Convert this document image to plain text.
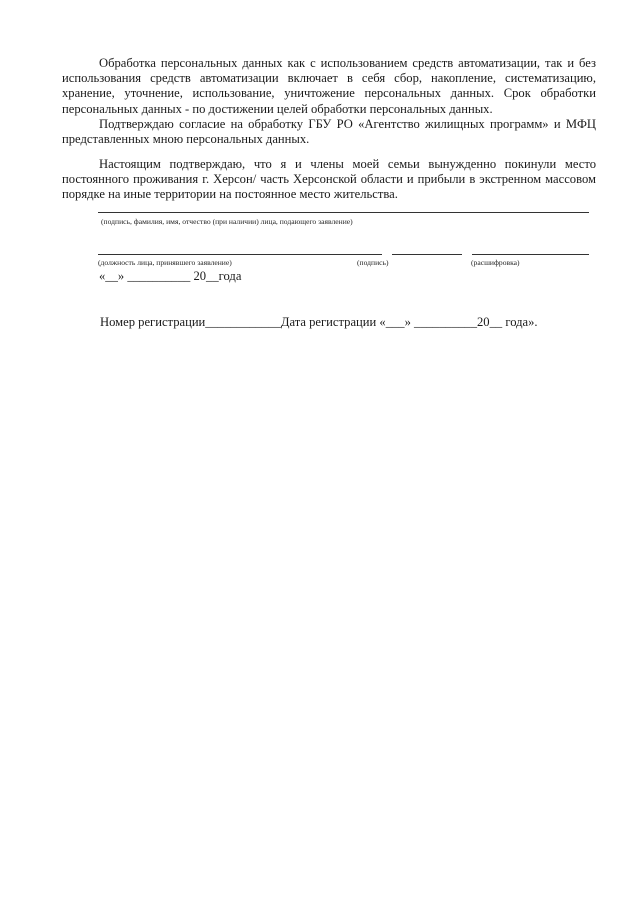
Обработка персональных данных как с использованием средств автоматизации, так и без использования средств автоматизации включает в себя сбор, накопление, систематизацию, хранение, уточнение, использование, уничтожение персональных данных. Срок обработки персональных данных - по достижении целей обработки персональных данных.

Подтверждаю согласие на обработку ГБУ РО «Агентство жилищных программ» и МФЦ представленных мною персональных данных.

Настоящим подтверждаю, что я и члены моей семьи вынужденно покинули место постоянного проживания г. Херсон/ часть Херсонской области и прибыли в экстренном массовом порядке на иные территории на постоянное место жительства.

(подпись, фамилия, имя, отчество (при наличии) лица, подающего заявление)
(должность лица, принявшего заявление)	(подпись)	(расшифровка)
«__» __________ 20__года
Номер регистрации____________Дата регистрации «___» __________20__ года».
